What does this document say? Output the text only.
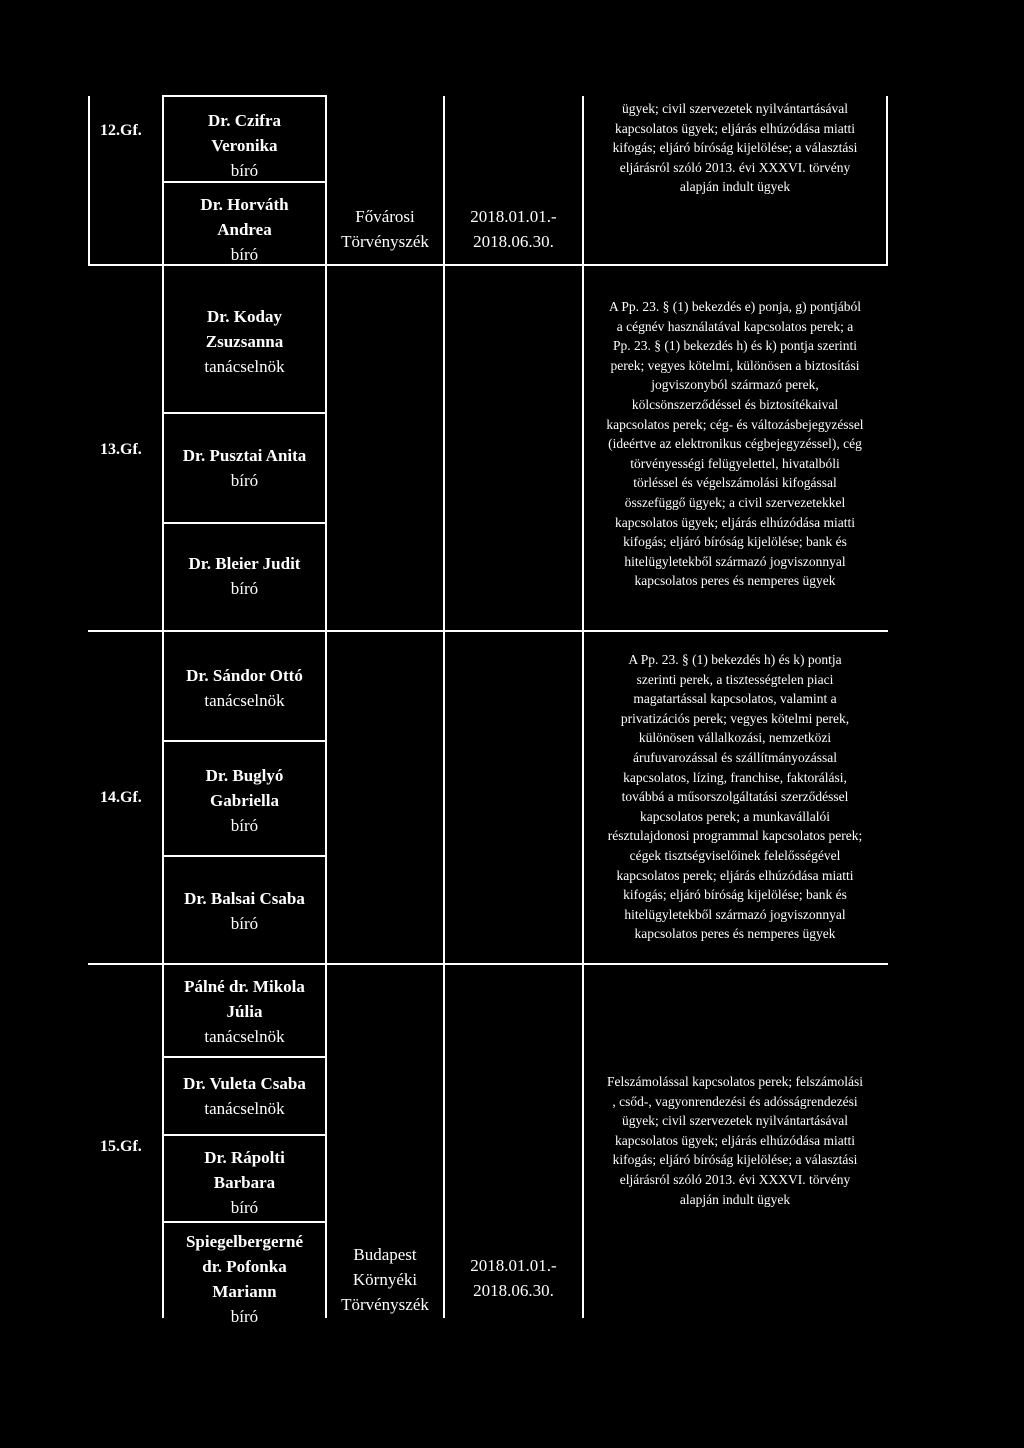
12.Gf.
Dr. Czifra
Veronika
bíró
Dr. Horváth
Andrea
bíró
Fővárosi
Törvényszék
2018.01.01.-
2018.06.30.
ügyek; civil szervezetek nyilvántartásával
kapcsolatos ügyek; eljárás elhúzódása miatti
kifogás; eljáró bíróság kijelölése; a választási
eljárásról szóló 2013. évi XXXVI. törvény
alapján indult ügyek
13.Gf.
Dr. Koday
Zsuzsanna
tanácselnök
Dr. Pusztai Anita
bíró
Dr. Bleier Judit
bíró
A Pp. 23. § (1) bekezdés e) ponja, g) pontjából
a cégnév használatával kapcsolatos perek; a
Pp. 23. § (1) bekezdés h) és k) pontja szerinti
perek; vegyes kötelmi, különösen a biztosítási
jogviszonyból származó perek,
kölcsönszerződéssel és biztosítékaival
kapcsolatos perek; cég- és változásbejegyzéssel
(ideértve az elektronikus cégbejegyzéssel), cég
törvényességi felügyelettel, hivatalbóli
törléssel és végelszámolási kifogással
összefüggő ügyek; a civil szervezetekkel
kapcsolatos ügyek; eljárás elhúzódása miatti
kifogás; eljáró bíróság kijelölése; bank és
hitelügyletekből származó jogviszonnyal
kapcsolatos peres és nemperes ügyek
14.Gf.
Dr. Sándor Ottó
tanácselnök
Dr. Buglyó
Gabriella
bíró
Dr. Balsai Csaba
bíró
A Pp. 23. § (1) bekezdés h) és k) pontja
szerinti perek, a tisztességtelen piaci
magatartással kapcsolatos, valamint a
privatizációs perek; vegyes kötelmi perek,
különösen vállalkozási, nemzetközi
árufuvarozással és szállítmányozással
kapcsolatos, lízing, franchise, faktorálási,
továbbá a műsorszolgáltatási szerződéssel
kapcsolatos perek; a munkavállalói
résztulajdonosi programmal kapcsolatos perek;
cégek tisztségviselőinek felelősségével
kapcsolatos perek; eljárás elhúzódása miatti
kifogás; eljáró bíróság kijelölése; bank és
hitelügyletekből származó jogviszonnyal
kapcsolatos peres és nemperes ügyek
15.Gf.
Pálné dr. Mikola
Júlia
tanácselnök
Dr. Vuleta Csaba
tanácselnök
Dr. Rápolti
Barbara
bíró
Spiegelbergerné
dr. Pofonka
Mariann
bíró
Budapest
Környéki
Törvényszék
2018.01.01.-
2018.06.30.
Felszámolással kapcsolatos perek; felszámolási
, csőd-, vagyonrendezési és adósságrendezési
ügyek; civil szervezetek nyilvántartásával
kapcsolatos ügyek; eljárás elhúzódása miatti
kifogás; eljáró bíróság kijelölése; a választási
eljárásról szóló 2013. évi XXXVI. törvény
alapján indult ügyek
